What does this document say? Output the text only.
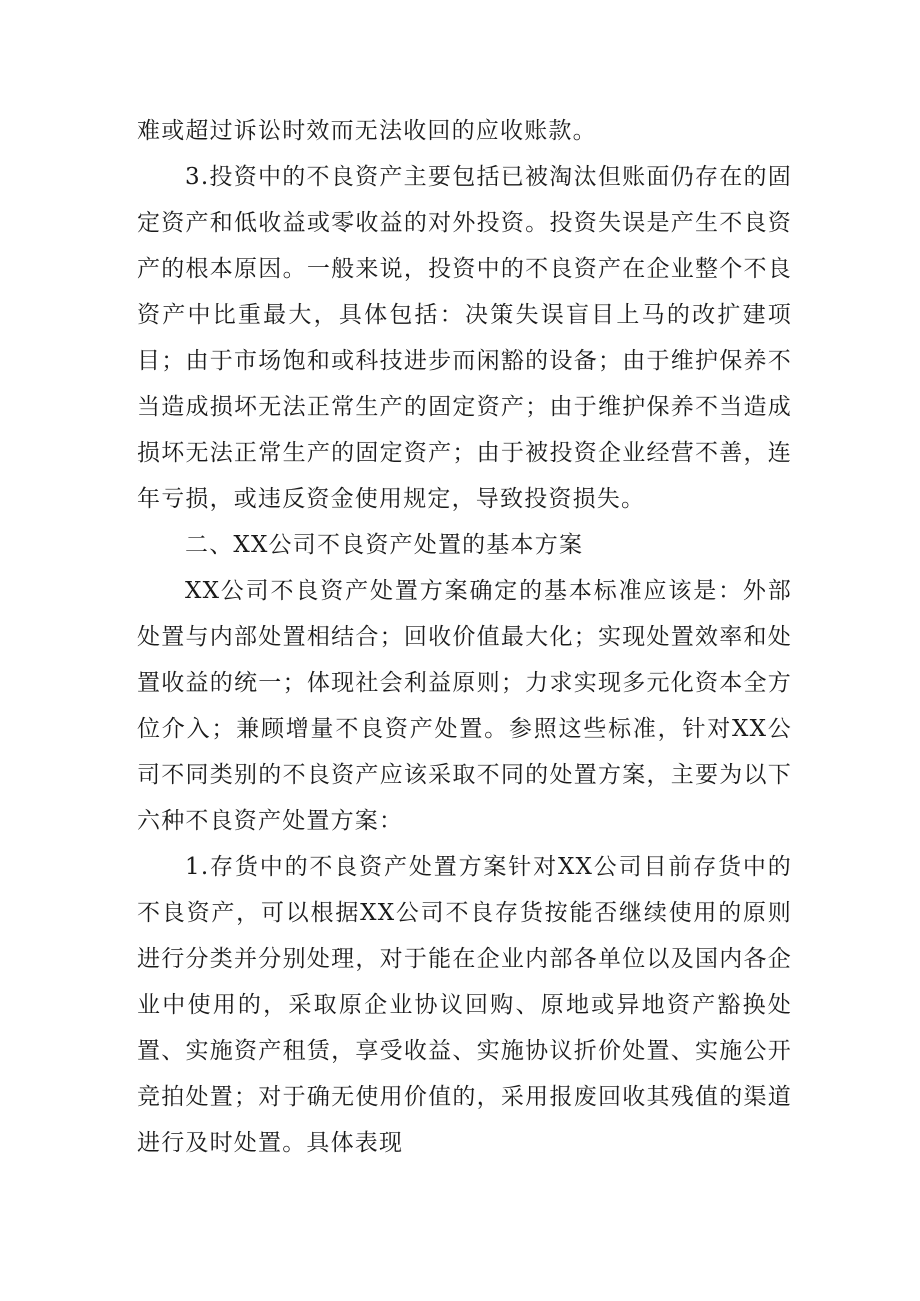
难或超过诉讼时效而无法收回的应收账款。

3.投资中的不良资产主要包括已被淘汰但账面仍存在的固定资产和低收益或零收益的对外投资。投资失误是产生不良资产的根本原因。一般来说，投资中的不良资产在企业整个不良资产中比重最大，具体包括：决策失误盲目上马的改扩建项目；由于市场饱和或科技进步而闲豁的设备；由于维护保养不当造成损坏无法正常生产的固定资产；由于维护保养不当造成损坏无法正常生产的固定资产；由于被投资企业经营不善，连年亏损，或违反资金使用规定，导致投资损失。

二、XX公司不良资产处置的基本方案

XX公司不良资产处置方案确定的基本标准应该是：外部处置与内部处置相结合；回收价值最大化；实现处置效率和处置收益的统一；体现社会利益原则；力求实现多元化资本全方位介入；兼顾增量不良资产处置。参照这些标准，针对XX公司不同类别的不良资产应该采取不同的处置方案，主要为以下六种不良资产处置方案：

1.存货中的不良资产处置方案针对XX公司目前存货中的不良资产，可以根据XX公司不良存货按能否继续使用的原则进行分类并分别处理，对于能在企业内部各单位以及国内各企业中使用的，采取原企业协议回购、原地或异地资产豁换处置、实施资产租赁，享受收益、实施协议折价处置、实施公开竞拍处置；对于确无使用价值的，采用报废回收其残值的渠道进行及时处置。具体表现
